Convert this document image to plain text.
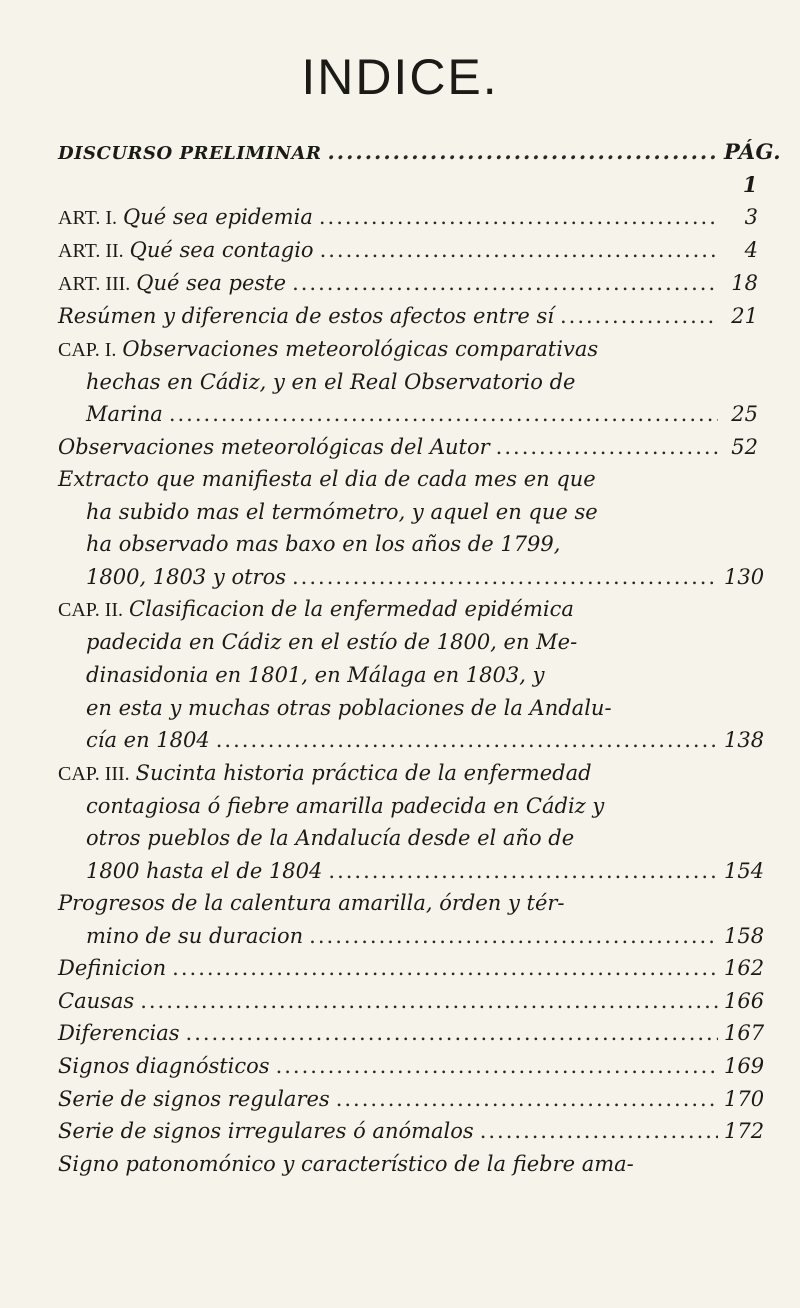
INDICE.
DISCURSO PRELIMINAR .....	PÁG. 1
ART. I. Qué sea epidemia .....	3
ART. II. Qué sea contagio .....	4
ART. III. Qué sea peste .....	18
Resúmen y diferencia de estos afectos entre sí .....	21
CAP. I. Observaciones meteorológicas comparativas
hechas en Cádiz, y en el Real Observatorio de
Marina .....	25
Observaciones meteorológicas del Autor .....	52
Extracto que manifiesta el dia de cada mes en que
ha subido mas el termómetro, y aquel en que se
ha observado mas baxo en los años de 1799,
1800, 1803 y otros .....	130
CAP. II. Clasificacion de la enfermedad epidémica
padecida en Cádiz en el estío de 1800, en Me-
dinasidonia en 1801, en Málaga en 1803, y
en esta y muchas otras poblaciones de la Andalu-
cía en 1804 .....	138
CAP. III. Sucinta historia práctica de la enfermedad
contagiosa ó fiebre amarilla padecida en Cádiz y
otros pueblos de la Andalucía desde el año de
1800 hasta el de 1804 .....	154
Progresos de la calentura amarilla, órden y tér-
mino de su duracion .....	158
Definicion .....	162
Causas .....	166
Diferencias .....	167
Signos diagnósticos .....	169
Serie de signos regulares .....	170
Serie de signos irregulares ó anómalos .....	172
Signo patonomónico y característico de la fiebre ama-
